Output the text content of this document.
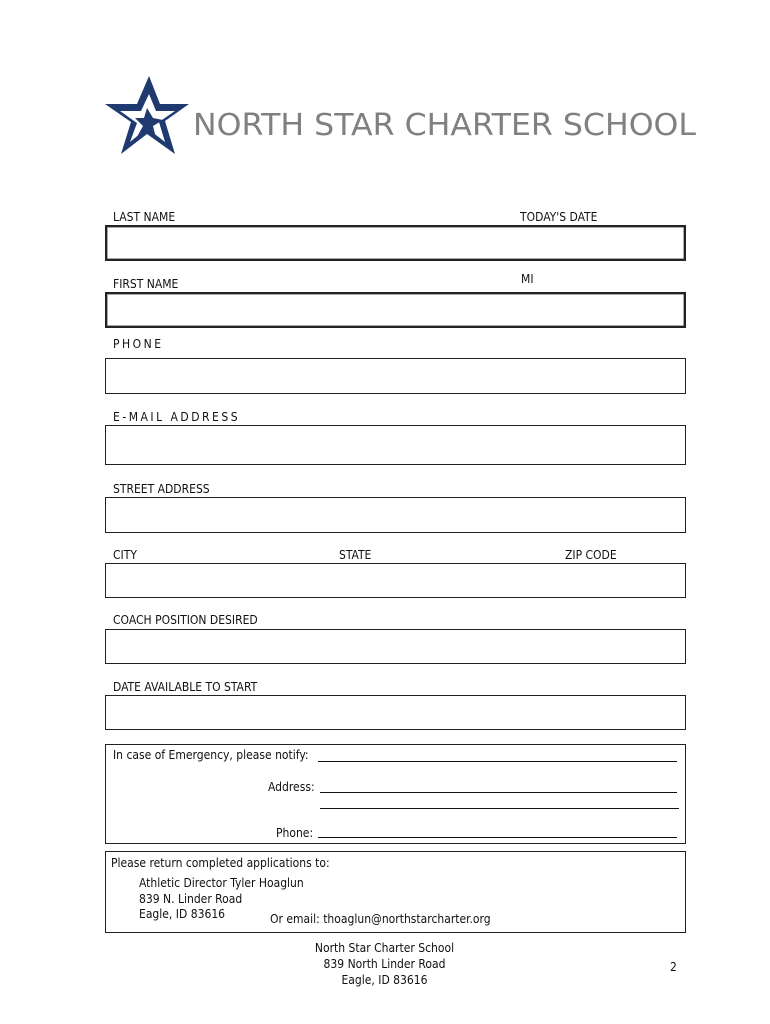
NORTH STAR CHARTER SCHOOL
LAST NAME	TODAY'S DATE
FIRST NAME	MI
PHONE
E-MAIL ADDRESS
STREET ADDRESS
CITY	STATE	ZIP CODE
COACH POSITION DESIRED
DATE AVAILABLE TO START
In case of Emergency, please notify:
Address:
Phone:
Please return completed applications to:
Athletic Director Tyler Hoaglun
839 N. Linder Road
Eagle, ID 83616	Or email: thoaglun@northstarcharter.org
North Star Charter School
839 North Linder Road
Eagle, ID 83616
2
